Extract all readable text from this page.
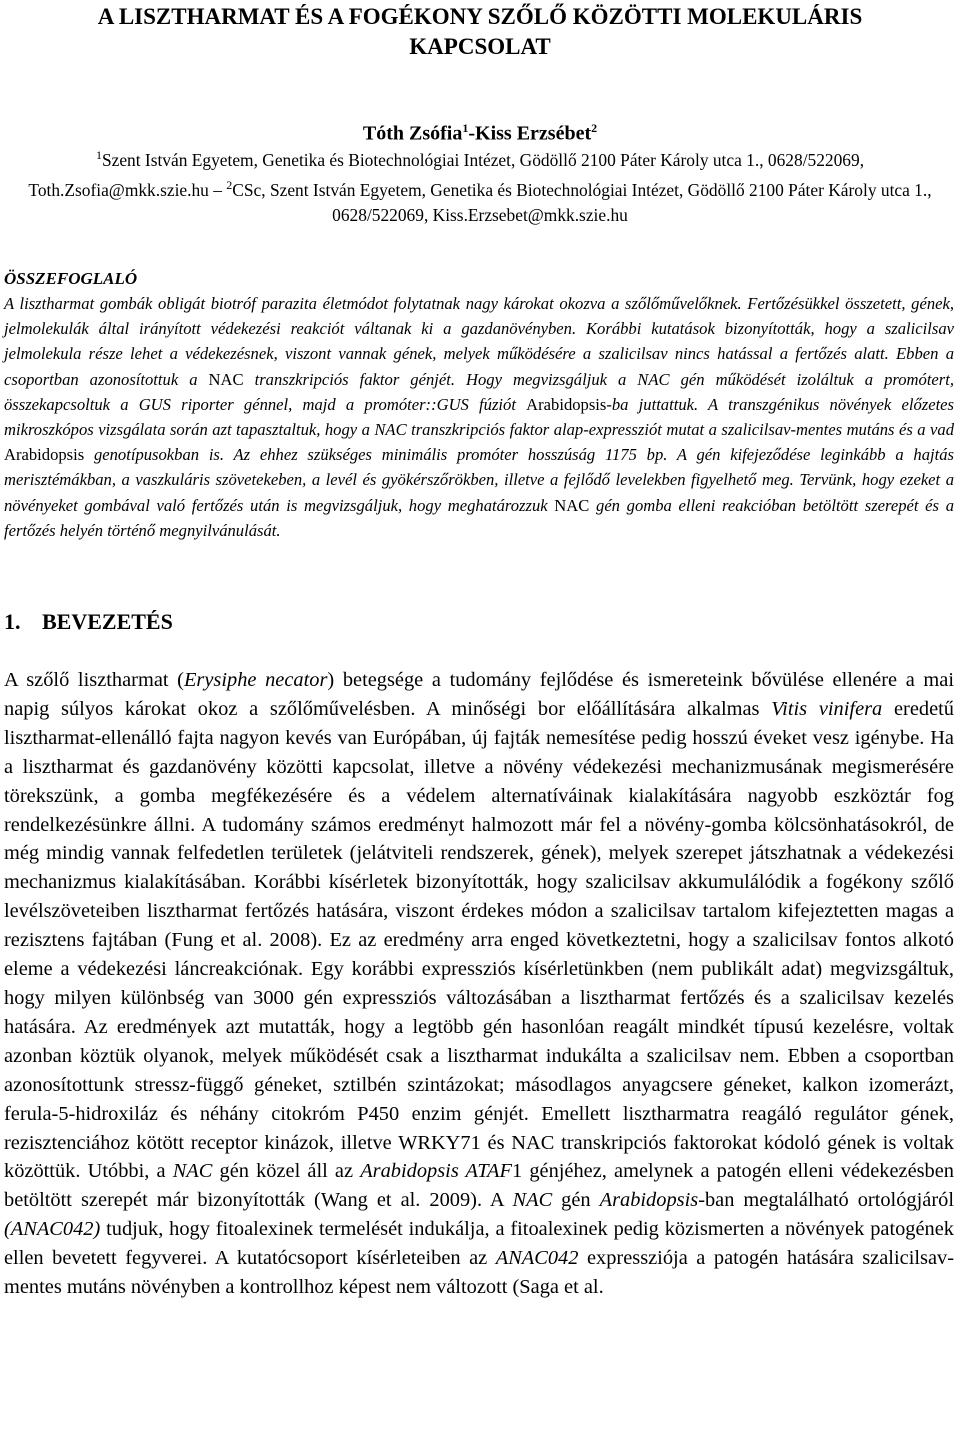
A LISZTHARMAT ÉS A FOGÉKONY SZŐLŐ KÖZÖTTI MOLEKULÁRIS KAPCSOLAT

Tóth Zsófia$^1$-Kiss Erzsébet$^2$

$^1$Szent István Egyetem, Genetika és Biotechnológiai Intézet, Gödöllő 2100 Páter Károly utca 1., 0628/522069, Toth.Zsofia@mkk.szie.hu – $^2$CSc, Szent István Egyetem, Genetika és Biotechnológiai Intézet, Gödöllő 2100 Páter Károly utca 1., 0628/522069, Kiss.Erzsebet@mkk.szie.hu

ÖSSZEFOGLALÓ

A lisztharmat gombák obligát biotróf parazita életmódot folytatnak nagy károkat okozva a szőlőművelőknek. Fertőzésükkel összetett, gének, jelmolekulák által irányított védekezési reakciót váltanak ki a gazdanövényben. Korábbi kutatások bizonyították, hogy a szalicilsav jelmolekula része lehet a védekezésnek, viszont vannak gének, melyek működésére a szalicilsav nincs hatással a fertőzés alatt. Ebben a csoportban azonosítottuk a NAC transzkripciós faktor génjét. Hogy megvizsgáljuk a NAC gén működését izoláltuk a promótert, összekapcsoltuk a GUS riporter génnel, majd a promóter::GUS fúziót Arabidopsis-ba juttattuk. A transzgénikus növények előzetes mikroszkópos vizsgálata során azt tapasztaltuk, hogy a NAC transzkripciós faktor alap-expressziót mutat a szalicilsav-mentes mutáns és a vad Arabidopsis genotípusokban is. Az ehhez szükséges minimális promóter hosszúság 1175 bp. A gén kifejeződése leginkább a hajtás merisztémákban, a vaszkuláris szövetekeben, a levél és gyökérszőrökben, illetve a fejlődő levelekben figyelhető meg. Tervünk, hogy ezeket a növényeket gombával való fertőzés után is megvizsgáljuk, hogy meghatározzuk NAC gén gomba elleni reakcióban betöltött szerepét és a fertőzés helyén történő megnyilvánulását.

1. BEVEZETÉS

A szőlő lisztharmat (Erysiphe necator) betegsége a tudomány fejlődése és ismereteink bővülése ellenére a mai napig súlyos károkat okoz a szőlőművelésben. A minőségi bor előállítására alkalmas Vitis vinifera eredetű lisztharmat-ellenálló fajta nagyon kevés van Európában, új fajták nemesítése pedig hosszú éveket vesz igénybe. Ha a lisztharmat és gazdanövény közötti kapcsolat, illetve a növény védekezési mechanizmusának megismerésére törekszünk, a gomba megfékezésére és a védelem alternatíváinak kialakítására nagyobb eszköztár fog rendelkezésünkre állni. A tudomány számos eredményt halmozott már fel a növény-gomba kölcsönhatásokról, de még mindig vannak felfedetlen területek (jelátviteli rendszerek, gének), melyek szerepet játszhatnak a védekezési mechanizmus kialakításában. Korábbi kísérletek bizonyították, hogy szalicilsav akkumulálódik a fogékony szőlő levélszöveteiben lisztharmat fertőzés hatására, viszont érdekes módon a szalicilsav tartalom kifejeztetten magas a rezisztens fajtában (Fung et al. 2008). Ez az eredmény arra enged következtetni, hogy a szalicilsav fontos alkotó eleme a védekezési láncreakciónak. Egy korábbi expressziós kísérletünkben (nem publikált adat) megvizsgáltuk, hogy milyen különbség van 3000 gén expressziós változásában a lisztharmat fertőzés és a szalicilsav kezelés hatására. Az eredmények azt mutatták, hogy a legtöbb gén hasonlóan reagált mindkét típusú kezelésre, voltak azonban köztük olyanok, melyek működését csak a lisztharmat indukálta a szalicilsav nem. Ebben a csoportban azonosítottunk stressz-függő géneket, sztilbén szintázokat; másodlagos anyagcsere géneket, kalkon izomerázt, ferula-5-hidroxiláz és néhány citokróm P450 enzim génjét. Emellett lisztharmatra reagáló regulátor gének, rezisztenciához kötött receptor kinázok, illetve WRKY71 és NAC transkripciós faktorokat kódoló gének is voltak közöttük. Utóbbi, a NAC gén közel áll az Arabidopsis ATAF1 génjéhez, amelynek a patogén elleni védekezésben betöltött szerepét már bizonyították (Wang et al. 2009). A NAC gén Arabidopsis-ban megtalálható ortológjáról (ANAC042) tudjuk, hogy fitoalexinek termelését indukálja, a fitoalexinek pedig közismerten a növények patogének ellen bevetett fegyverei. A kutatócsoport kísérleteiben az ANAC042 expresszióја a patogén hatására szalicilsav-mentes mutáns növényben a kontrollhoz képest nem változott (Saga et al.
